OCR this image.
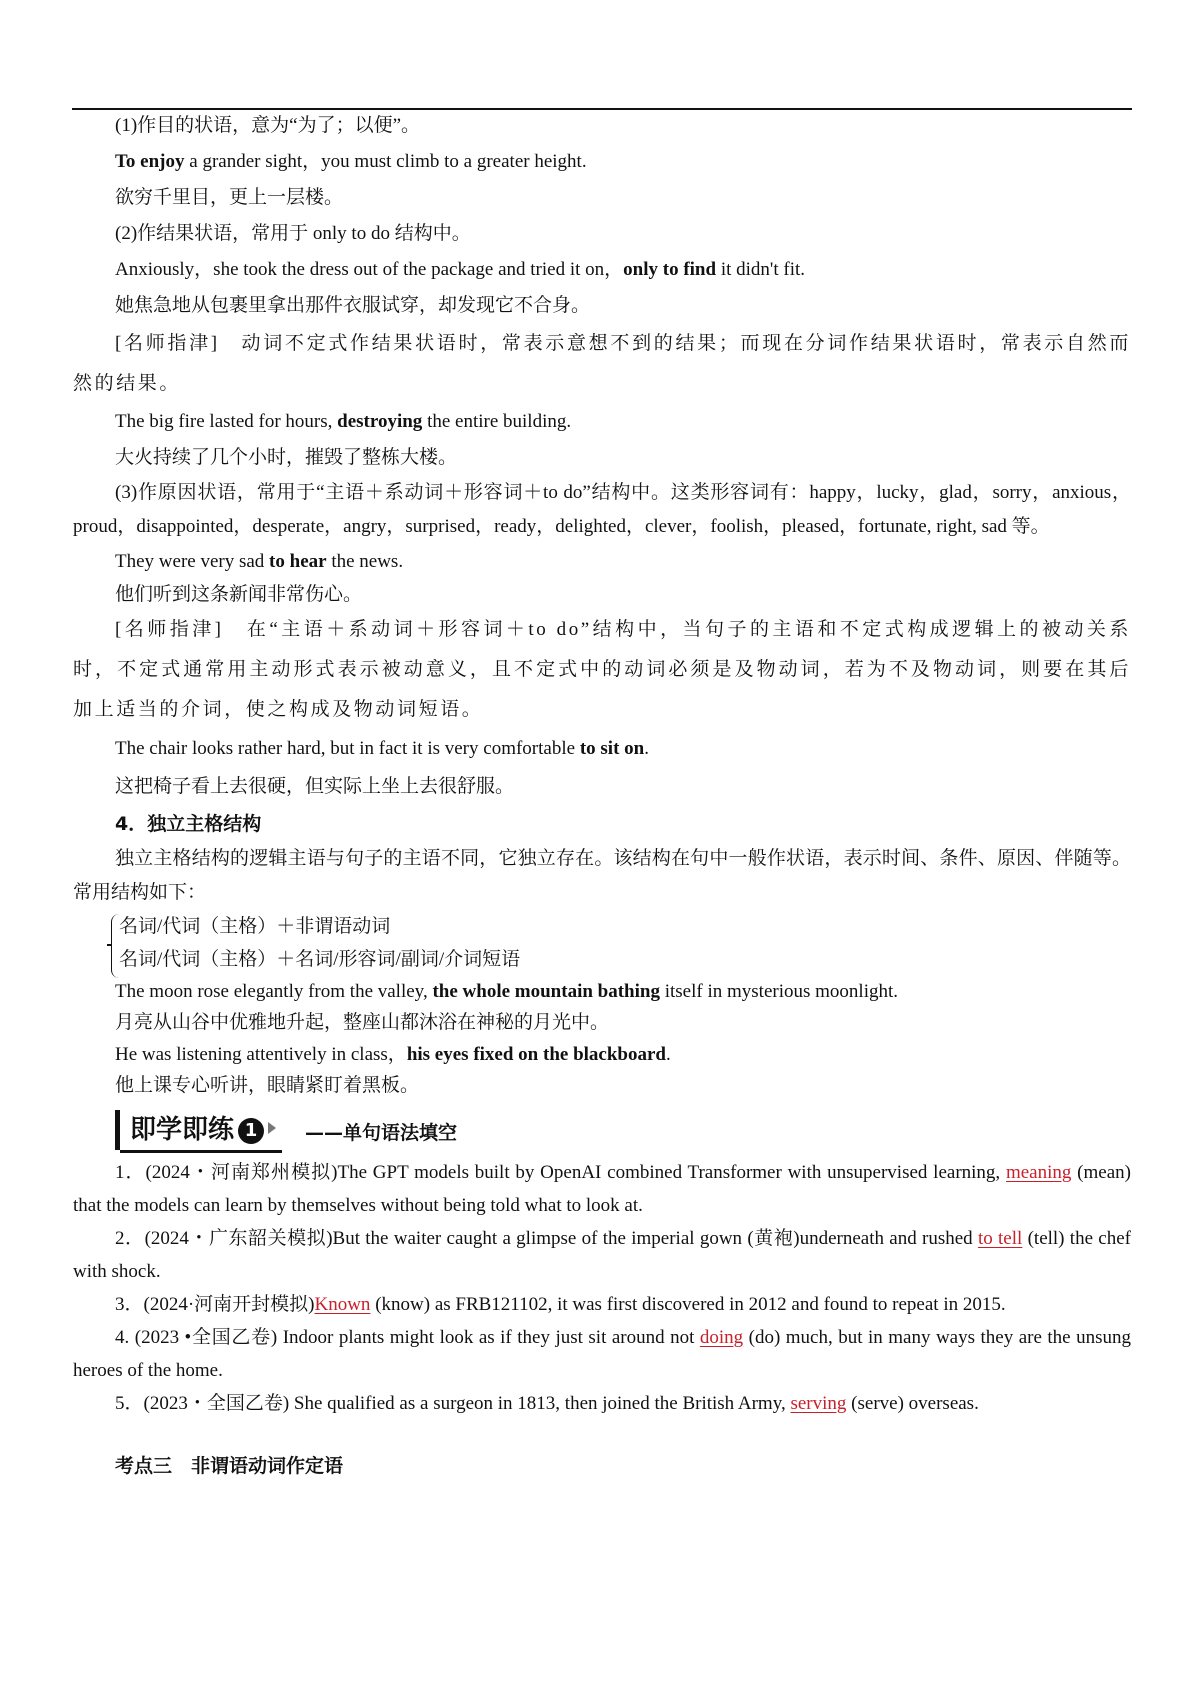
(1)作目的状语，意为“为了；以便”。
To enjoy a grander sight，you must climb to a greater height.
欲穷千里目，更上一层楼。
(2)作结果状语，常用于 only to do 结构中。
Anxiously，she took the dress out of the package and tried it on，only to find it didn't fit.
她焦急地从包裹里拿出那件衣服试穿，却发现它不合身。
[名师指津]　动词不定式作结果状语时，常表示意想不到的结果；而现在分词作结果状语时，常表示自然而然的结果。
The big fire lasted for hours, destroying the entire building.
大火持续了几个小时，摧毁了整栋大楼。
(3)作原因状语，常用于“主语＋系动词＋形容词＋to do”结构中。这类形容词有：happy，lucky，glad，sorry，anxious，proud，disappointed，desperate，angry，surprised，ready，delighted，clever，foolish，pleased，fortunate, right, sad 等。
They were very sad to hear the news.
他们听到这条新闻非常伤心。
[名师指津]　在“主语＋系动词＋形容词＋to do”结构中，当句子的主语和不定式构成逻辑上的被动关系时，不定式通常用主动形式表示被动意义，且不定式中的动词必须是及物动词，若为不及物动词，则要在其后加上适当的介词，使之构成及物动词短语。
The chair looks rather hard, but in fact it is very comfortable to sit on.
这把椅子看上去很硬，但实际上坐上去很舒服。
4．独立主格结构
独立主格结构的逻辑主语与句子的主语不同，它独立存在。该结构在句中一般作状语，表示时间、条件、原因、伴随等。常用结构如下：
名词/代词（主格）＋非谓语动词
名词/代词（主格）＋名词/形容词/副词/介词短语
The moon rose elegantly from the valley, the whole mountain bathing itself in mysterious moonlight.
月亮从山谷中优雅地升起，整座山都沐浴在神秘的月光中。
He was listening attentively in class，his eyes fixed on the blackboard.
他上课专心听讲，眼睛紧盯着黑板。
即学即练 1	——单句语法填空
1．(2024・河南郑州模拟)The GPT models built by OpenAI combined Transformer with unsupervised learning, meaning (mean) that the models can learn by themselves without being told what to look at.
2．(2024・广东韶关模拟)But the waiter caught a glimpse of the imperial gown (黄袍)underneath and rushed to tell (tell) the chef with shock.
3．(2024·河南开封模拟)Known (know) as FRB121102, it was first discovered in 2012 and found to repeat in 2015.
4. (2023 •全国乙卷) Indoor plants might look as if they just sit around not doing (do) much, but in many ways they are the unsung heroes of the home.
5．(2023・全国乙卷) She qualified as a surgeon in 1813, then joined the British Army, serving (serve) overseas.
考点三　非谓语动词作定语
